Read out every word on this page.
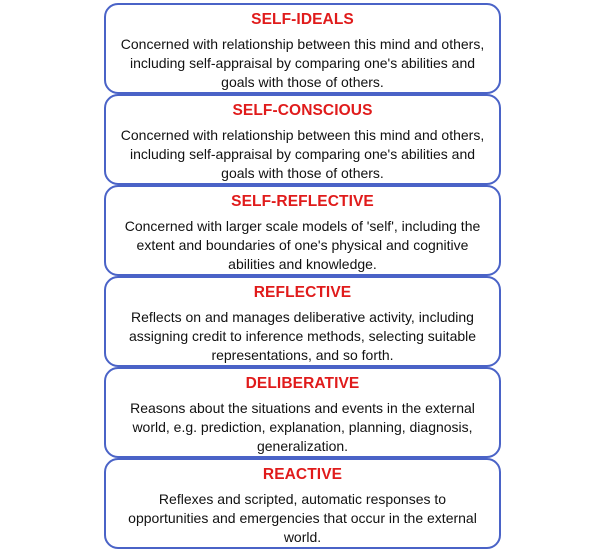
SELF-IDEALS
Concerned with relationship between this mind and others, including self-appraisal by comparing one's abilities and goals with those of others.
SELF-CONSCIOUS
Concerned with relationship between this mind and others, including self-appraisal by comparing one's abilities and goals with those of others.
SELF-REFLECTIVE
Concerned with larger scale models of 'self', including the extent and boundaries of one's physical and cognitive abilities and knowledge.
REFLECTIVE
Reflects on and manages deliberative activity, including assigning credit to inference methods, selecting suitable representations, and so forth.
DELIBERATIVE
Reasons about the situations and events in the external world, e.g. prediction, explanation, planning, diagnosis, generalization.
REACTIVE
Reflexes and scripted, automatic responses to opportunities and emergencies that occur in the external world.
